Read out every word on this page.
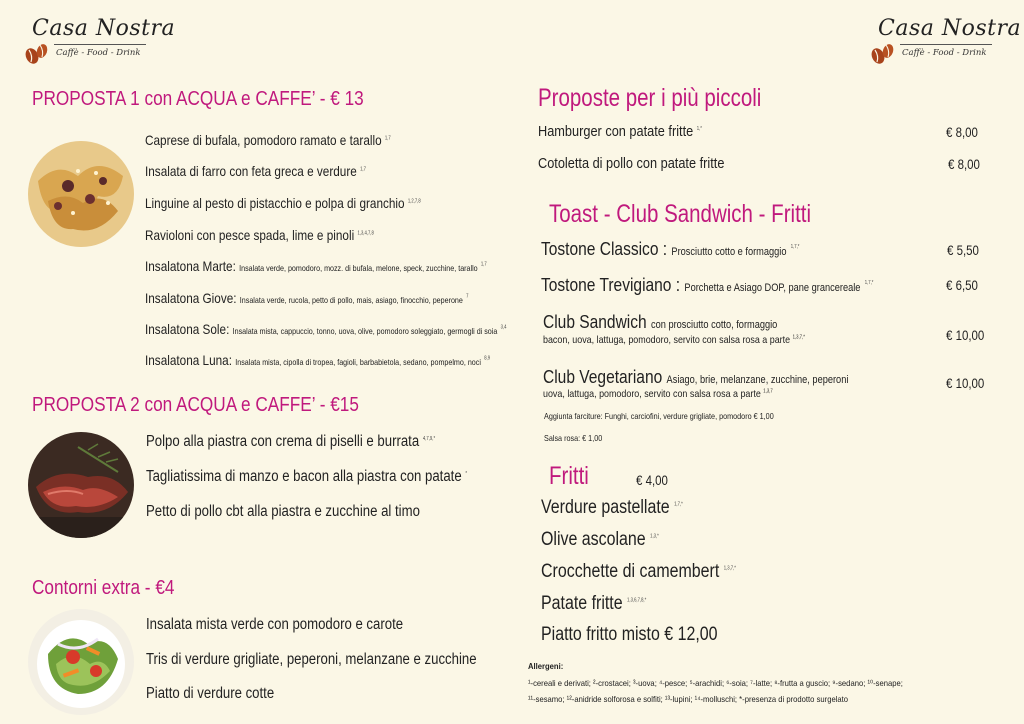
Casa Nostra
Caffè - Food - Drink
Casa Nostra
Caffè - Food - Drink
PROPOSTA 1 con ACQUA e CAFFE’ - € 13
Caprese di bufala, pomodoro ramato e tarallo $^{1,7}$
Insalata di farro con feta greca e verdure $^{1,7}$
Linguine al pesto di pistacchio e polpa di granchio $^{1,2,7,8}$
Ravioloni con pesce spada, lime e pinoli $^{1,3,4,7,8}$
Insalatona Marte: Insalata verde, pomodoro, mozz. di bufala, melone, speck, zucchine, tarallo $^{1,7}$
Insalatona Giove: Insalata verde, rucola, petto di pollo, mais, asiago, finocchio, peperone $^7$
Insalatona Sole: Insalata mista, cappuccio, tonno, uova, olive, pomodoro soleggiato, germogli di soia $^{3,4}$
Insalatona Luna: Insalata mista, cipolla di tropea, fagioli, barbabietola, sedano, pompelmo, noci $^{8,9}$
PROPOSTA 2 con ACQUA e CAFFE’ - €15
Polpo alla piastra con crema di piselli e burrata $^{4,7,9,*}$
Tagliatissima di manzo e bacon alla piastra con patate *
Petto di pollo cbt alla piastra e zucchine al timo
Contorni extra - €4
Insalata mista verde con pomodoro e carote
Tris di verdure grigliate, peperoni, melanzane e zucchine
Piatto di verdure cotte
Proposte per i più piccoli
Hamburger con patate fritte $^{1,*}$	€ 8,00
Cotoletta di pollo con patate fritte	€ 8,00
Toast - Club Sandwich - Fritti
Tostone Classico : Prosciutto cotto e formaggio $^{1,7,*}$	€ 5,50
Tostone Trevigiano : Porchetta e Asiago DOP, pane grancereale $^{1,7,*}$	€ 6,50
Club Sandwich con prosciutto cotto, formaggio
bacon, uova, lattuga, pomodoro, servito con salsa rosa a parte $^{1,3,7,*}$	€ 10,00
Club Vegetariano Asiago, brie, melanzane, zucchine, peperoni
uova, lattuga, pomodoro, servito con salsa rosa a parte $^{1,3,7}$
€ 10,00
Aggiunta farciture: Funghi, carciofini, verdure grigliate, pomodoro € 1,00
Salsa rosa: € 1,00
Fritti	€ 4,00
Verdure pastellate $^{1,7,*}$
Olive ascolane $^{1,3,*}$
Crocchette di camembert $^{1,3,7,*}$
Patate fritte $^{1,3,6,7,8,*}$
Piatto fritto misto € 12,00
Allergeni:
¹-cereali e derivati; ²-crostacei; ³-uova; ⁴-pesce; ⁵-arachidi; ⁶-soia; ⁷-latte; ⁸-frutta a guscio; ⁹-sedano; ¹⁰-senape;
¹¹-sesamo; ¹²-anidride solforosa e solfiti; ¹³-lupini; ¹⁴-molluschi; *-presenza di prodotto surgelato
